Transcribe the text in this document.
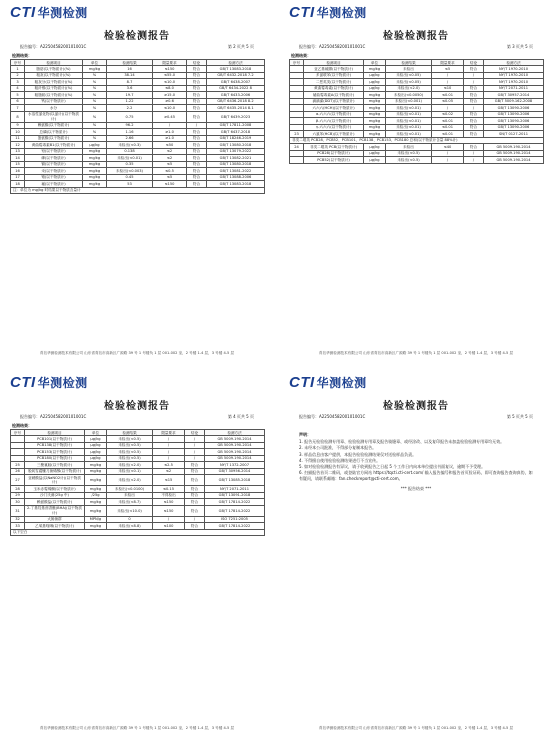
CTI 华测检测
检验检测报告
报告编号：A2250458200101001C	第 2 页共 5 页
检测结果：
序号	检测项目	单位	检测结果	限量要求	结论	检测方法
1	脂肪(以干物质计)(%)	mg/kg	16	≤150	符合	GB/T 13083-2018
2	粗灰(以干物质计)(%)	%	38.14	≤55.0	符合	GB/T 6432-2018 7.2
3	粗灰分(以干物质计)(%)	%	8.7	≤10.0	符合	GB/T 6438-2007
4	粗纤维(以干物质计)(%)	%	3.6	≤8.0	符合	GB/T 6434-2022 8
5	粗脂肪(以干物质计)(%)	%	19.7	≥15.0	符合	GB/T 6433-2006
6	钙(以干物质计)	%	1.22	≥0.6	符合	GB/T 6436-2018 8.2
7	水分	%	2.2	≤10.0	符合	GB/T 6435-2014 8.1
8	水溶性氯化物(以氯计)(以干物质计)	%	0.75	≥0.45	符合	GB/T 6439-2023
9	赖氨酸(以干物质计)	%	96.2	/	/	GB/T 17811-2008
10	总磷(以干物质计)	%	1.16	≥1.0	符合	GB/T 6437-2018
11	蛋氨酸(以干物质计)	%	2.66	≥1.0	符合	GB/T 18246-2019
12	黄曲霉毒素B1(以干物质计)	μg/kg	未检出(<0.3)	≤50	符合	GB/T 13080-2018
13	铅(以干物质计)	mg/kg	0.138	≤2	符合	GB/T 13079-2022
14	砷(以干物质计)	mg/kg	未检出(<0.01)	≤2	符合	GB/T 13082-2021
15	镉(以干物质计)	mg/kg	0.35	≤5	符合	GB/T 13080-2018
16	汞(以干物质计)	mg/kg	未检出(<0.003)	≤0.5	符合	GB/T 13081-2022
17	铬(以干物质计)	mg/kg	0.45	≤5	符合	GB/T 13088-2006
18	氟(以干物质计)	mg/kg	53	≤150	符合	GB/T 13083-2018
注：单位为 mg/kg 时结果以干物质含量计						
青岛华测检测技术有限公司 山东省青岛市高新区广源路 39 号 1 号楼负 1 层 001-002 室，2 号楼 1-4 层，3 号楼 4-5 层
CTI 华测检测
检验检测报告
报告编号：A2250458200101001C	第 3 页共 5 页
检测结果：
序号	检测项目	单位	检测结果	限量要求	结论	检测方法
	亚乙基硫脲(以干物质计)	mg/kg	未检出	≤5	符合	NY/T 1970-2010
	多氯联苯(以干物质计)	μg/kg	未检出(<0.05)	/	/	NY/T 1970-2010
	二恶英类(以干物质计)	μg/kg	未检出(<0.05)	/	/	NY/T 1970-2010
	黄曲霉毒素(以干物质计)	μg/kg	未检出(<2.0)	≤10	符合	NY/T 2071-2011
	赭曲霉毒素A(以干物质计)	mg/kg	未检出(<0.0050)	≤0.01	符合	GB/T 30957-2014
	滴滴涕(DDT)(以干物质计)	mg/kg	未检出(<0.001)	≤0.05	符合	GB/T 5009.162-2008
	六六六(HCH)(以干物质计)	mg/kg	未检出(<0.01)	/	/	GB/T 13090-2006
	α-六六六(以干物质计)	mg/kg	未检出(<0.01)	≤0.02	符合	GB/T 13090-2006
	β-六六六(以干物质计)	mg/kg	未检出(<0.01)	≤0.01	符合	GB/T 13090-2006
	γ-六六六(以干物质计)	mg/kg	未检出(<0.01)	≤0.01	符合	GB/T 13090-2006
23	六氯苯(HCB)(以干物质计)	mg/kg	未检出(<0.01)	≤0.01	符合	SN/T 0127-2011
非类二噁英 PCB28、PCB52、PCB101、PCB138、PCB153、PCB180 总和(以干物质计含量 88%计)						
24	非类二噁英 PCB(以干物质计)	μg/kg	未检出	≤40	符合	GB 5009.190-2014
	PCB28(以干物质计)	μg/kg	未检出(<0.5)	/	/	GB 5009.190-2014
	PCB52(以干物质计)	μg/kg	未检出(<0.5)	/	/	GB 5009.190-2014
青岛华测检测技术有限公司 山东省青岛市高新区广源路 39 号 1 号楼负 1 层 001-002 室，2 号楼 1-4 层，3 号楼 4-5 层
CTI 华测检测
检验检测报告
报告编号：A2250458200101001C	第 4 页共 5 页
检测结果：
序号	检测项目	单位	检测结果	限量要求	结论	检测方法
	PCB101(以干物质计)	μg/kg	未检出(<0.5)	/	/	GB 5009.190-2014
	PCB138(以干物质计)	μg/kg	未检出(<0.5)	/	/	GB 5009.190-2014
	PCB153(以干物质计)	μg/kg	未检出(<0.5)	/	/	GB 5009.190-2014
	PCB180(以干物质计)	μg/kg	未检出(<0.5)	/	/	GB 5009.190-2014
25	三聚氰胺(以干物质计)	mg/kg	未检出(<2.0)	≤2.5	符合	NY/T 1372-2007
26	脱氧雪腐镰刀菌烯醇(以干物质计)	mg/kg	未检出(<0.1)	≤2	符合	GB/T 30956-2014
27	亚硝酸盐(以NaNO2计)(以干物质计)	mg/kg	未检出(<2.0)	≤15	符合	GB/T 13085-2018
28	玉米赤霉烯酮(以干物质计)	mg/kg	未检出(<0.0100)	≤0.15	符合	NY/T 2071-2011
29	沙门氏菌(25g 中)	/25g	未检出	不得检出	符合	GB/T 13091-2018
30	赖氨酸盐(以干物质计)	mg/kg	未检出(<8.7)	≤150	符合	GB/T 17814-2022
31	2-丁基羟基茴香醚(BHA)(以干物质计)	mg/kg	未检出(<10.0)	≤150	符合	GB/T 17814-2022
32	大肠菌群	MPN/g	0	/	/	ISO 7251:2005
33	乙氧基喹啉(以干物质计)	mg/kg	未检出(<8.8)	≤100	符合	GB/T 17814-2022
以下空白						
青岛华测检测技术有限公司 山东省青岛市高新区广源路 39 号 1 号楼负 1 层 001-002 室，2 号楼 1-4 层，3 号楼 4-5 层
CTI 华测检测
检验检测报告
报告编号：A2250458200101001C	第 5 页共 5 页
声明：

1. 报告无检验检测专用章、检验检测专用章及报告骑缝章、或经涂改、以及复印报告未加盖检验检测专用章均无效。

2. 未经本公司批准，不得部分复制本报告。

3. 样品信息由客户提供，本报告检验检测结果仅对送检样品负责。

4. 不得擅自使用检验检测结果进行不当宣传。

5. 如对检验检测报告有异议，请于收到报告之日起 5 个工作日内向本单位提出书面复议，逾期不予受理。

6. 扫描报告首页二维码，或登陆官方网站 https://tqcti.cti-cert.com/ 输入报告编号和报告首页验证码，即可查询报告查询真伪，如有疑问，请联系邮箱：fan.checkreport@cti-cert.com。

*** 报告结束 ***
青岛华测检测技术有限公司 山东省青岛市高新区广源路 39 号 1 号楼负 1 层 001-002 室，2 号楼 1-4 层，3 号楼 4-5 层
